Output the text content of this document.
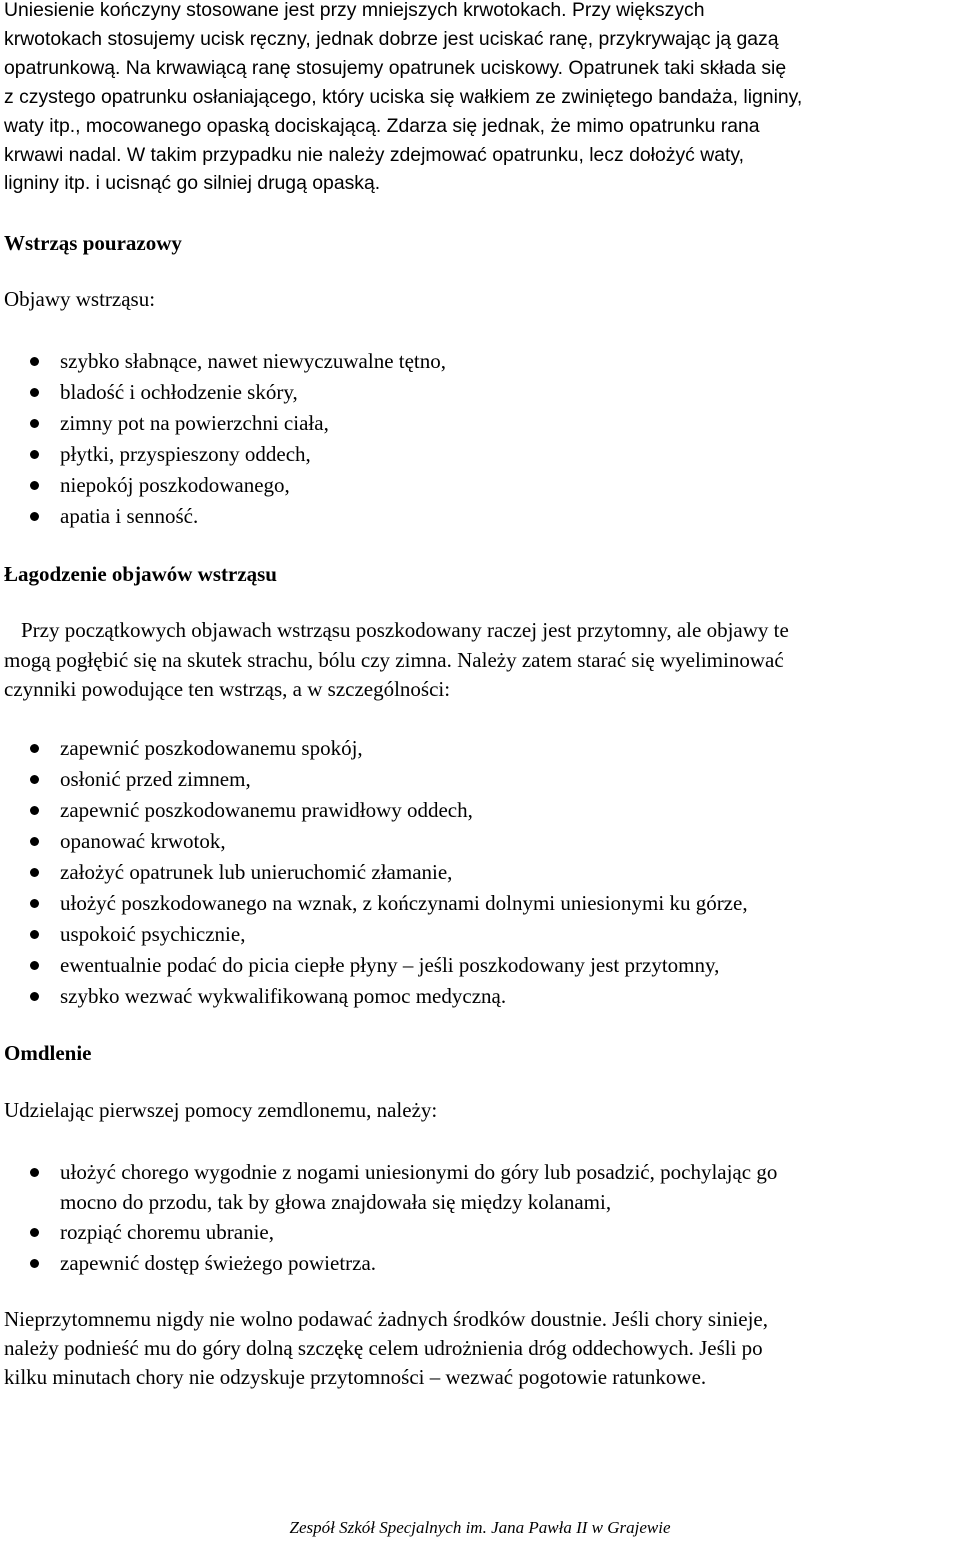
Uniesienie kończyny stosowane jest przy mniejszych krwotokach. Przy większych

krwotokach stosujemy ucisk ręczny, jednak dobrze jest uciskać ranę, przykrywając ją gazą

opatrunkową. Na krwawiącą ranę stosujemy opatrunek uciskowy. Opatrunek taki składa się

z czystego opatrunku osłaniającego, który uciska się wałkiem ze zwiniętego bandaża, ligniny,

waty itp., mocowanego opaską dociskającą. Zdarza się jednak, że mimo opatrunku rana

krwawi nadal. W takim przypadku nie należy zdejmować opatrunku, lecz dołożyć waty,

ligniny itp. i ucisnąć go silniej drugą opaską.

Wstrząs pourazowy

Objawy wstrząsu:

szybko słabnące, nawet niewyczuwalne tętno,
bladość i ochłodzenie skóry,
zimny pot na powierzchni ciała,
płytki, przyspieszony oddech,
niepokój poszkodowanego,
apatia i senność.
Łagodzenie objawów wstrząsu

Przy początkowych objawach wstrząsu poszkodowany raczej jest przytomny, ale objawy te

mogą pogłębić się na skutek strachu, bólu czy zimna. Należy zatem starać się wyeliminować

czynniki powodujące ten wstrząs, a w szczególności:

zapewnić poszkodowanemu spokój,
osłonić przed zimnem,
zapewnić poszkodowanemu prawidłowy oddech,
opanować krwotok,
założyć opatrunek lub unieruchomić złamanie,
ułożyć poszkodowanego na wznak, z kończynami dolnymi uniesionymi ku górze,
uspokoić psychicznie,
ewentualnie podać do picia ciepłe płyny – jeśli poszkodowany jest przytomny,
szybko wezwać wykwalifikowaną pomoc medyczną.
Omdlenie

Udzielając pierwszej pomocy zemdlonemu, należy:

ułożyć chorego wygodnie z nogami uniesionymi do góry lub posadzić, pochylając go
mocno do przodu, tak by głowa znajdowała się między kolanami,
rozpiąć choremu ubranie,
zapewnić dostęp świeżego powietrza.

Nieprzytomnemu nigdy nie wolno podawać żadnych środków doustnie. Jeśli chory sinieje,

należy podnieść mu do góry dolną szczękę celem udrożnienia dróg oddechowych. Jeśli po

kilku minutach chory nie odzyskuje przytomności – wezwać pogotowie ratunkowe.

Zespół Szkół Specjalnych im. Jana Pawła II w Grajewie
